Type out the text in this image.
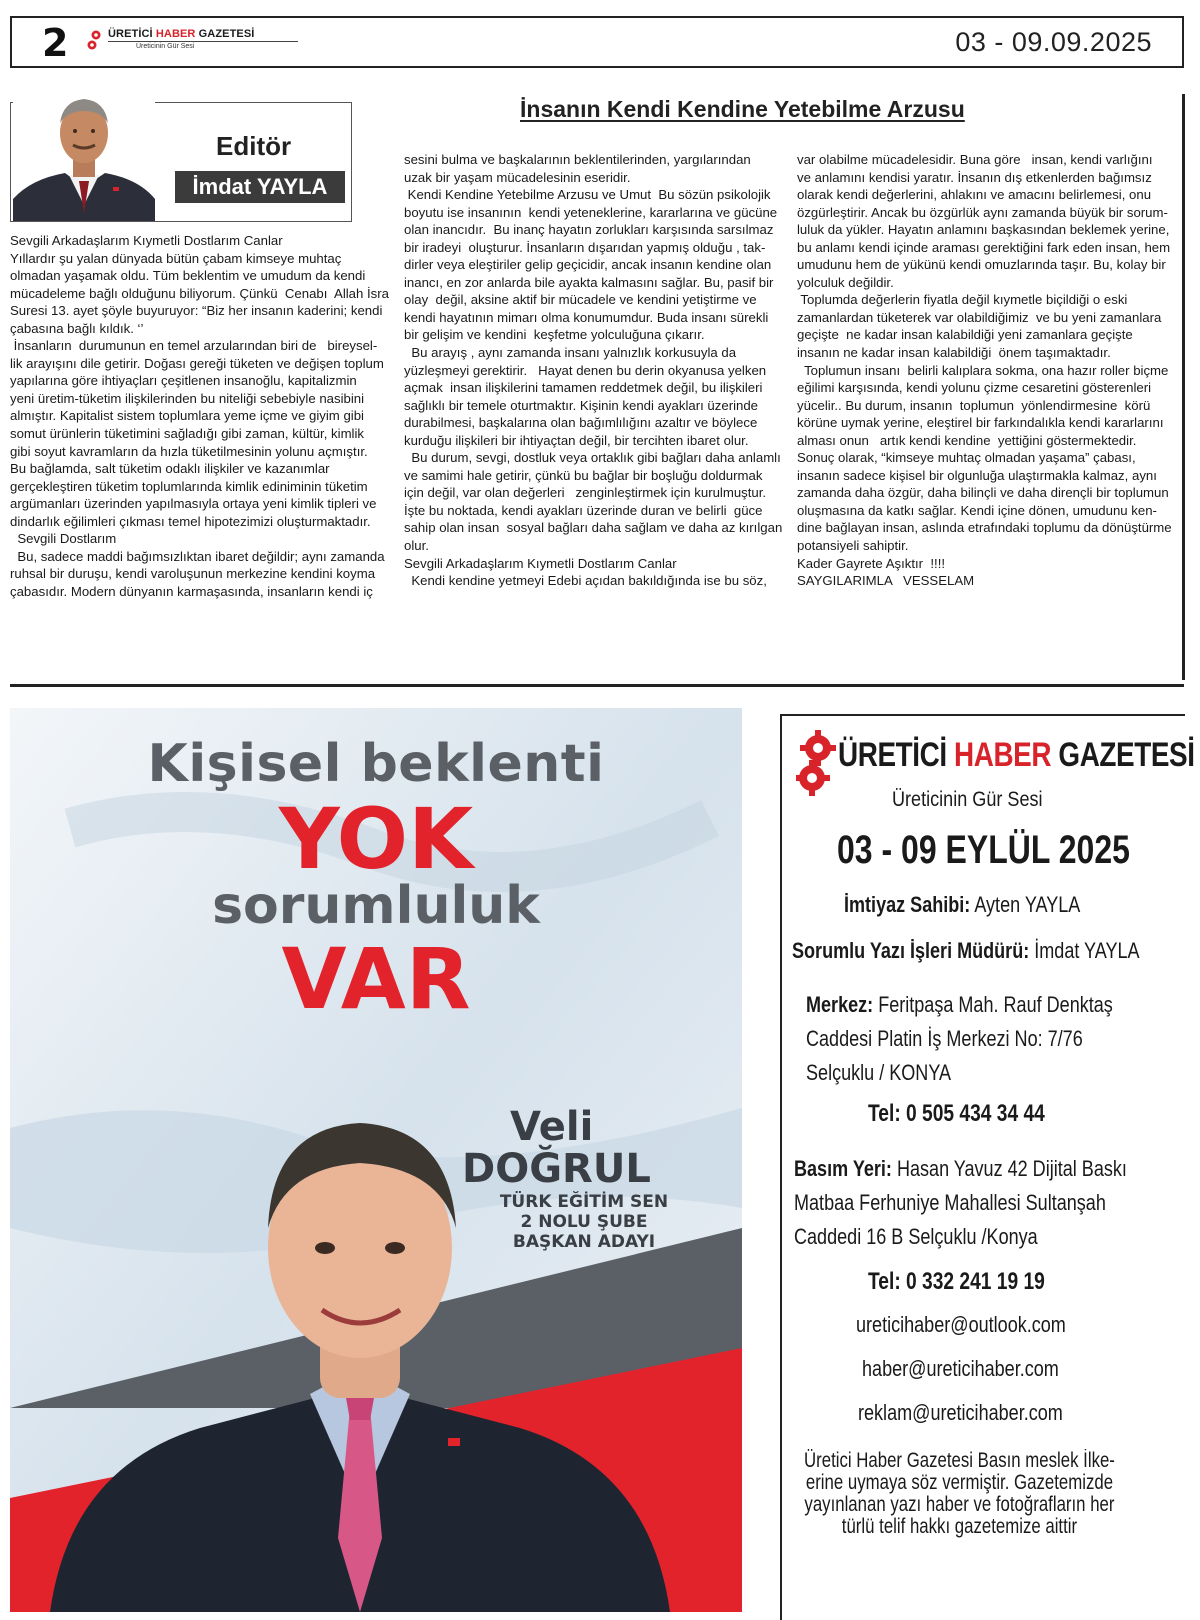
2	ÜRETİCİ HABER GAZETESİ
Üreticinin Gür Sesi	03 - 09.09.2025
Editör
İmdat YAYLA
İnsanın Kendi Kendine Yetebilme Arzusu
Sevgili Arkadaşlarım Kıymetli Dostlarım Canlar
Yıllardır şu yalan dünyada bütün çabam kimseye muhtaç
olmadan yaşamak oldu. Tüm beklentim ve umudum da kendi
mücadeleme bağlı olduğunu biliyorum. Çünkü  Cenabı  Allah İsra
Suresi 13. ayet şöyle buyuruyor: “Biz her insanın kaderini; kendi
çabasına bağlı kıldık. ‘’
İnsanların  durumunun en temel arzularından biri de   bireysel-
lik arayışını dile getirir. Doğası gereği tüketen ve değişen toplum
yapılarına göre ihtiyaçları çeşitlenen insanoğlu, kapitalizmin
yeni üretim-tüketim ilişkilerinden bu niteliği sebebiyle nasibini
almıştır. Kapitalist sistem toplumlara yeme içme ve giyim gibi
somut ürünlerin tüketimini sağladığı gibi zaman, kültür, kimlik
gibi soyut kavramların da hızla tüketilmesinin yolunu açmıştır.
Bu bağlamda, salt tüketim odaklı ilişkiler ve kazanımlar
gerçekleştiren tüketim toplumlarında kimlik ediniminin tüketim
argümanları üzerinden yapılmasıyla ortaya yeni kimlik tipleri ve
dindarlık eğilimleri çıkması temel hipotezimizi oluşturmaktadır.
Sevgili Dostlarım
Bu, sadece maddi bağımsızlıktan ibaret değildir; aynı zamanda
ruhsal bir duruşu, kendi varoluşunun merkezine kendini koyma
çabasıdır. Modern dünyanın karmaşasında, insanların kendi iç
sesini bulma ve başkalarının beklentilerinden, yargılarından
uzak bir yaşam mücadelesinin eseridir.
Kendi Kendine Yetebilme Arzusu ve Umut  Bu sözün psikolojik
boyutu ise insanının  kendi yeteneklerine, kararlarına ve gücüne
olan inancıdır.  Bu inanç hayatın zorlukları karşısında sarsılmaz
bir iradeyi  oluşturur. İnsanların dışarıdan yapmış olduğu , tak-
dirler veya eleştiriler gelip geçicidir, ancak insanın kendine olan
inancı, en zor anlarda bile ayakta kalmasını sağlar. Bu, pasif bir
olay  değil, aksine aktif bir mücadele ve kendini yetiştirme ve
kendi hayatının mimarı olma konumumdur. Buda insanı sürekli
bir gelişim ve kendini  keşfetme yolculuğuna çıkarır.
Bu arayış , aynı zamanda insanı yalnızlık korkusuyla da
yüzleşmeyi gerektirir.   Hayat denen bu derin okyanusa yelken
açmak  insan ilişkilerini tamamen reddetmek değil, bu ilişkileri
sağlıklı bir temele oturtmaktır. Kişinin kendi ayakları üzerinde
durabilmesi, başkalarına olan bağımlılığını azaltır ve böylece
kurduğu ilişkileri bir ihtiyaçtan değil, bir tercihten ibaret olur.
Bu durum, sevgi, dostluk veya ortaklık gibi bağları daha anlamlı
ve samimi hale getirir, çünkü bu bağlar bir boşluğu doldurmak
için değil, var olan değerleri   zenginleştirmek için kurulmuştur.
İşte bu noktada, kendi ayakları üzerinde duran ve belirli  güce
sahip olan insan  sosyal bağları daha sağlam ve daha az kırılgan
olur.
Sevgili Arkadaşlarım Kıymetli Dostlarım Canlar
Kendi kendine yetmeyi Edebi açıdan bakıldığında ise bu söz,
var olabilme mücadelesidir. Buna göre   insan, kendi varlığını
ve anlamını kendisi yaratır. İnsanın dış etkenlerden bağımsız
olarak kendi değerlerini, ahlakını ve amacını belirlemesi, onu
özgürleştirir. Ancak bu özgürlük aynı zamanda büyük bir sorum-
luluk da yükler. Hayatın anlamını başkasından beklemek yerine,
bu anlamı kendi içinde araması gerektiğini fark eden insan, hem
umudunu hem de yükünü kendi omuzlarında taşır. Bu, kolay bir
yolculuk değildir.
Toplumda değerlerin fiyatla değil kıymetle biçildiği o eski
zamanlardan tüketerek var olabildiğimiz  ve bu yeni zamanlara
geçişte  ne kadar insan kalabildiği yeni zamanlara geçişte
insanın ne kadar insan kalabildiği  önem taşımaktadır.
Toplumun insanı  belirli kalıplara sokma, ona hazır roller biçme
eğilimi karşısında, kendi yolunu çizme cesaretini gösterenleri
yücelir.. Bu durum, insanın  toplumun  yönlendirmesine  körü
körüne uymak yerine, eleştirel bir farkındalıkla kendi kararlarını
alması onun   artık kendi kendine  yettiğini göstermektedir.
Sonuç olarak, “kimseye muhtaç olmadan yaşama” çabası,
insanın sadece kişisel bir olgunluğa ulaştırmakla kalmaz, aynı
zamanda daha özgür, daha bilinçli ve daha dirençli bir toplumun
oluşmasına da katkı sağlar. Kendi içine dönen, umudunu ken-
dine bağlayan insan, aslında etrafındaki toplumu da dönüştürme
potansiyeli sahiptir.
Kader Gayrete Aşıktır  !!!!
SAYGILARIMLA   VESSELAM
Kişisel beklenti
YOK
sorumluluk
VAR
Veli
DOĞRUL
TÜRK EĞİTİM SEN
2 NOLU ŞUBE
BAŞKAN ADAYI
ÜRETİCİ HABER GAZETESİ
Üreticinin Gür Sesi
03 - 09 EYLÜL 2025
İmtiyaz Sahibi: Ayten YAYLA
Sorumlu Yazı İşleri Müdürü: İmdat YAYLA
Merkez: Feritpaşa Mah. Rauf Denktaş
Caddesi Platin İş Merkezi No: 7/76
Selçuklu / KONYA
Tel: 0 505 434 34 44
Basım Yeri: Hasan Yavuz 42 Dijital Baskı
Matbaa Ferhuniye Mahallesi Sultanşah
Caddedi 16 B Selçuklu /Konya
Tel: 0 332 241 19 19
ureticihaber@outlook.com
haber@ureticihaber.com
reklam@ureticihaber.com
Üretici Haber Gazetesi Basın meslek İlke-
erine uymaya söz vermiştir. Gazetemizde
yayınlanan yazı haber ve fotoğrafların her
türlü telif hakkı gazetemize aittir
